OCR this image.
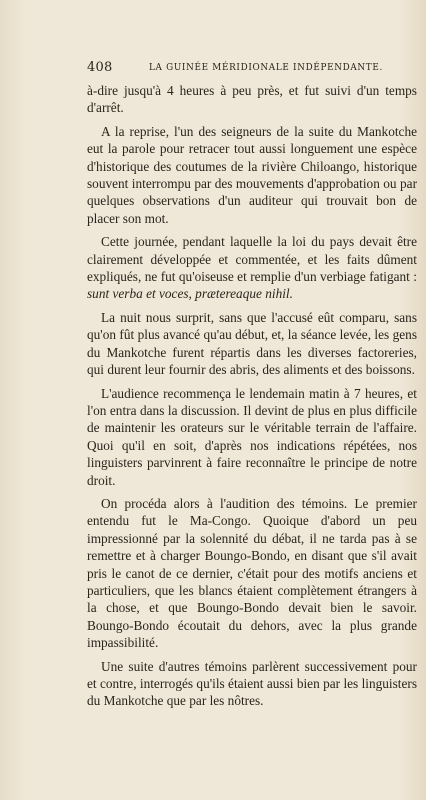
408	LA GUINÉE MÉRIDIONALE INDÉPENDANTE.

à-dire jusqu'à 4 heures à peu près, et fut suivi d'un temps d'arrêt.

A la reprise, l'un des seigneurs de la suite du Mankotche eut la parole pour retracer tout aussi longuement une espèce d'historique des coutumes de la rivière Chiloango, historique souvent interrompu par des mouvements d'approbation ou par quelques observations d'un auditeur qui trouvait bon de placer son mot.

Cette journée, pendant laquelle la loi du pays devait être clairement développée et commentée, et les faits dûment expliqués, ne fut qu'oiseuse et remplie d'un verbiage fatigant : sunt verba et voces, prætereaque nihil.

La nuit nous surprit, sans que l'accusé eût comparu, sans qu'on fût plus avancé qu'au début, et, la séance levée, les gens du Mankotche furent répartis dans les diverses factoreries, qui durent leur fournir des abris, des aliments et des boissons.

L'audience recommença le lendemain matin à 7 heures, et l'on entra dans la discussion. Il devint de plus en plus difficile de maintenir les orateurs sur le véritable terrain de l'affaire. Quoi qu'il en soit, d'après nos indications répétées, nos linguisters parvinrent à faire reconnaître le principe de notre droit.

On procéda alors à l'audition des témoins. Le premier entendu fut le Ma-Congo. Quoique d'abord un peu impressionné par la solennité du débat, il ne tarda pas à se remettre et à charger Boungo-Bondo, en disant que s'il avait pris le canot de ce dernier, c'était pour des motifs anciens et particuliers, que les blancs étaient complètement étrangers à la chose, et que Boungo-Bondo devait bien le savoir. Boungo-Bondo écoutait du dehors, avec la plus grande impassibilité.

Une suite d'autres témoins parlèrent successivement pour et contre, interrogés qu'ils étaient aussi bien par les linguisters du Mankotche que par les nôtres.
